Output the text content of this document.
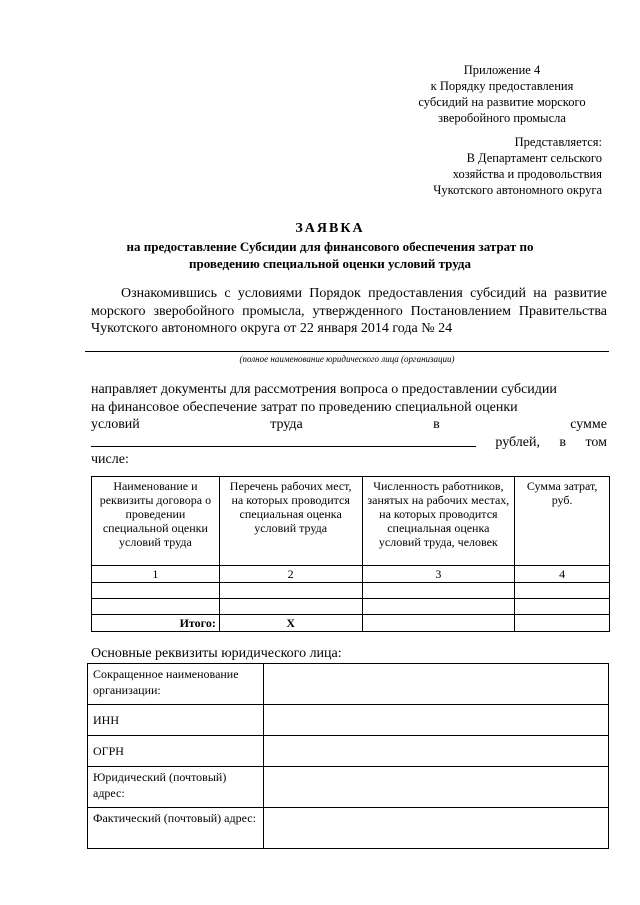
Приложение 4
к Порядку предоставления
субсидий на развитие морского
зверобойного промысла
Представляется:
В Департамент сельского
хозяйства и продовольствия
Чукотского автономного округа
ЗАЯВКА
на предоставление Субсидии для финансового обеспечения затрат по
проведению специальной оценки условий труда
Ознакомившись с условиями Порядок предоставления субсидий на развитие морского зверобойного промысла, утвержденного Постановлением Правительства Чукотского автономного округа от 22 января 2014 года № 24
(полное наименование юридического лица (организации)
направляет документы для рассмотрения вопроса о предоставлении субсидии
на финансовое обеспечение затрат по проведению специальной оценки
условий	труда	в	сумме
рублей, в том
числе:
Наименование и реквизиты договора о проведении специальной оценки условий труда	Перечень рабочих мест, на которых проводится специальная оценка условий труда	Численность работников, занятых на рабочих местах, на которых проводится специальная оценка условий труда, человек	Сумма затрат, руб.
1	2	3	4

Итого:	X		
Основные реквизиты юридического лица:
Сокращенное наименование организации:	
ИНН	
ОГРН	
Юридический (почтовый) адрес:	
Фактический (почтовый) адрес:	
